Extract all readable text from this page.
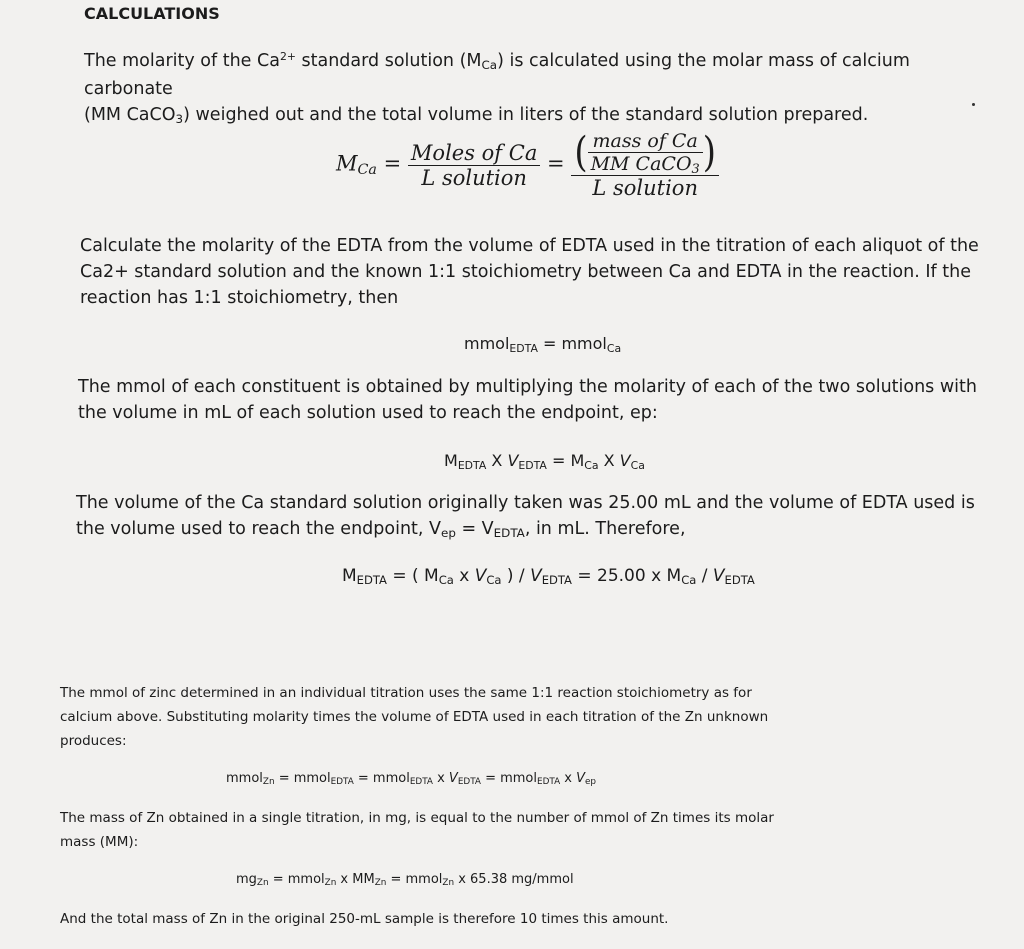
CALCULATIONS
The molarity of the $Ca^{2+}$ standard solution $(M_{Ca})$ is calculated using the molar mass of calcium carbonate
(MM CaCO$_3$) weighed out and the total volume in liters of the standard solution prepared.
$M_{Ca} = \frac{\text{Moles of Ca}}{\text{L solution}} = \frac{( \frac{\text{mass of Ca}}{MM CaCO_3} )}{\text{L solution}}$
Calculate the molarity of the EDTA from the volume of EDTA used in the titration of each aliquot of the
Ca2+ standard solution and the known 1:1 stoichiometry between Ca and EDTA in the reaction. If the
reaction has 1:1 stoichiometry, then
mmol$_{EDTA}$ = mmol$_{Ca}$
The mmol of each constituent is obtained by multiplying the molarity of each of the two solutions with
the volume in mL of each solution used to reach the endpoint, ep:
$M_{EDTA}$ X $V_{EDTA} = M_{Ca}$ X $V_{Ca}$
The volume of the Ca standard solution originally taken was 25.00 mL and the volume of EDTA used is
the volume used to reach the endpoint, $V_{ep} = V_{EDTA}$, in mL. Therefore,
$M_{EDTA}$ = ( $M_{Ca}$ x $V_{Ca}$ ) / $V_{EDTA} = 25.00$ x $M_{Ca} / V_{EDTA}$
The mmol of zinc determined in an individual titration uses the same 1:1 reaction stoichiometry as for
calcium above. Substituting molarity times the volume of EDTA used in each titration of the Zn unknown
produces:
mmol$_{Zn}$ = mmol$_{EDTA}$ = mmol$_{EDTA}$ x $V_{EDTA}$ = mmol$_{EDTA}$ x $V_{ep}$
The mass of Zn obtained in a single titration, in mg, is equal to the number of mmol of Zn times its molar
mass (MM):
$mg_{Zn}$ = mmol$_{Zn}$ x $MM_{Zn}$ = mmol$_{Zn}$ x 65.38 mg/mmol
And the total mass of Zn in the original 250-mL sample is therefore 10 times this amount.
